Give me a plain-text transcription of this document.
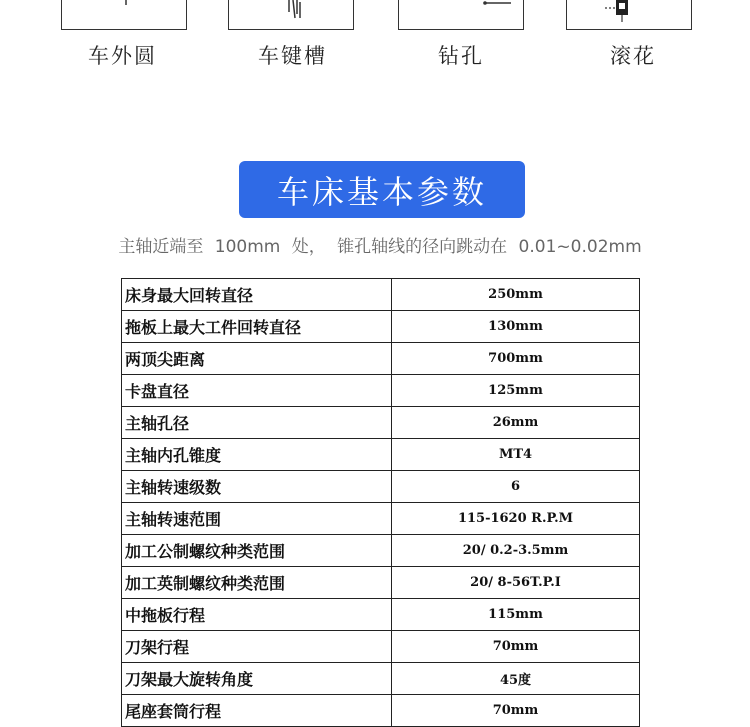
车外圆	车键槽	钻孔	滚花
车床基本参数
主轴近端至 100mm 处， 锥孔轴线的径向跳动在 0.01~0.02mm
床身最大回转直径	250mm
拖板上最大工件回转直径	130mm
两顶尖距离	700mm
卡盘直径	125mm
主轴孔径	26mm
主轴内孔锥度	MT4
主轴转速级数	6
主轴转速范围	115-1620 R.P.M
加工公制螺纹种类范围	20/ 0.2-3.5mm
加工英制螺纹种类范围	20/ 8-56T.P.I
中拖板行程	115mm
刀架行程	70mm
刀架最大旋转角度	45度
尾座套筒行程	70mm
